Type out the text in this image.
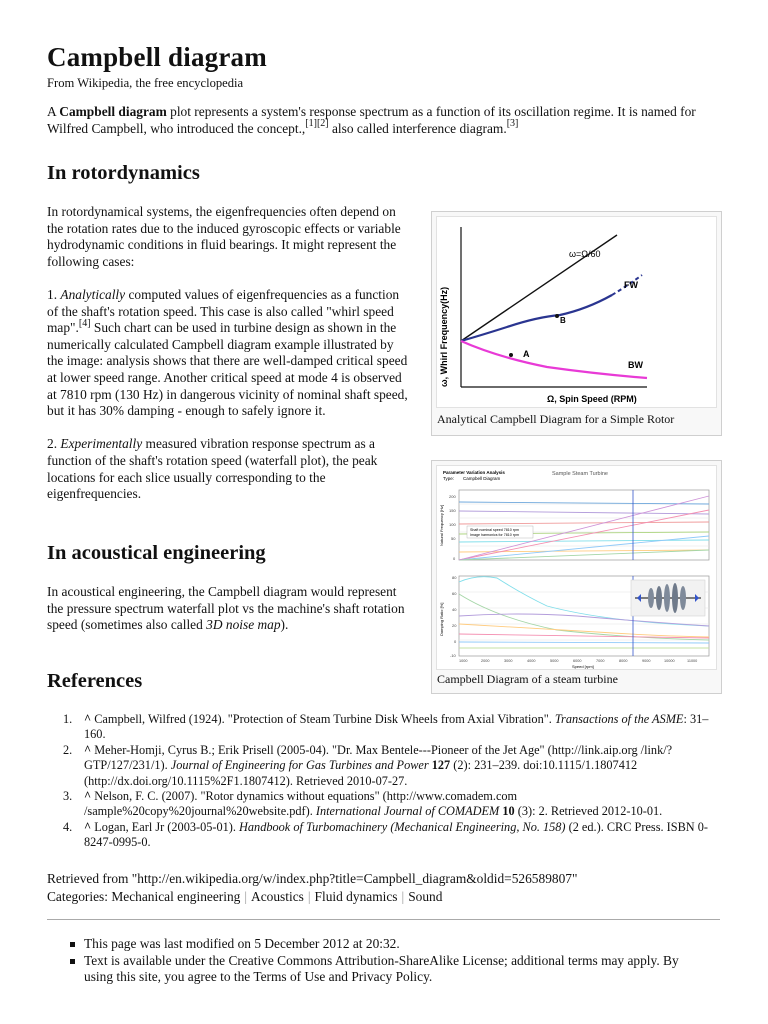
Campbell diagram
From Wikipedia, the free encyclopedia

A Campbell diagram plot represents a system's response spectrum as a function of its oscillation regime. It is named for Wilfred Campbell, who introduced the concept.,[1][2] also called interference diagram.[3]

In rotordynamics

In rotordynamical systems, the eigenfrequencies often depend on the rotation rates due to the induced gyroscopic effects or variable hydrodynamic conditions in fluid bearings. It might represent the following cases:

1. Analytically computed values of eigenfrequencies as a function of the shaft's rotation speed. This case is also called "whirl speed map".[4] Such chart can be used in turbine design as shown in the numerically calculated Campbell diagram example illustrated by the image: analysis shows that there are well-damped critical speed at lower speed range. Another critical speed at mode 4 is observed at 7810 rpm (130 Hz) in dangerous vicinity of nominal shaft speed, but it has 30% damping - enough to safely ignore it.

2. Experimentally measured vibration response spectrum as a function of the shaft's rotation speed (waterfall plot), the peak locations for each slice usually corresponding to the eigenfrequencies.

In acoustical engineering

In acoustical engineering, the Campbell diagram would represent the pressure spectrum waterfall plot vs the machine's shaft rotation speed (sometimes also called 3D noise map).

References
1. ^ Campbell, Wilfred (1924). "Protection of Steam Turbine Disk Wheels from Axial Vibration". Transactions of the ASME: 31–160.
2. ^ Meher-Homji, Cyrus B.; Erik Prisell (2005-04). "Dr. Max Bentele---Pioneer of the Jet Age" (http://link.aip.org /link/?GTP/127/231/1). Journal of Engineering for Gas Turbines and Power 127 (2): 231–239. doi:10.1115/1.1807412 (http://dx.doi.org/10.1115%2F1.1807412). Retrieved 2010-07-27.
3. ^ Nelson, F. C. (2007). "Rotor dynamics without equations" (http://www.comadem.com /sample%20copy%20journal%20website.pdf). International Journal of COMADEM 10 (3): 2. Retrieved 2012-10-01.
4. ^ Logan, Earl Jr (2003-05-01). Handbook of Turbomachinery (Mechanical Engineering, No. 158) (2 ed.). CRC Press. ISBN 0-8247-0995-0.
Retrieved from "http://en.wikipedia.org/w/index.php?title=Campbell_diagram&oldid=526589807"
Categories: Mechanical engineering | Acoustics | Fluid dynamics | Sound
This page was last modified on 5 December 2012 at 20:32.
Text is available under the Creative Commons Attribution-ShareAlike License; additional terms may apply. By using this site, you agree to the Terms of Use and Privacy Policy.
ω, Whirl Frequency(Hz)
ω=Ω/60
FW
BW
A
B
Ω, Spin Speed (RPM)
Analytical Campbell Diagram for a Simple Rotor
Parameter Variation Analysis
Type: Campbell Diagram
Sample Steam Turbine
200
150
100
50
0
Natural Frequency [Hz]	Shaft nominal speed 7810 rpm
Image harmonics for 7810 rpm
80
60
40
20
0
-10
Damping Ratio [%]
1000	2000	3000	4000	5000	6000	7000	8000	9000	10000	11000
Speed [rpm]
Campbell Diagram of a steam turbine
